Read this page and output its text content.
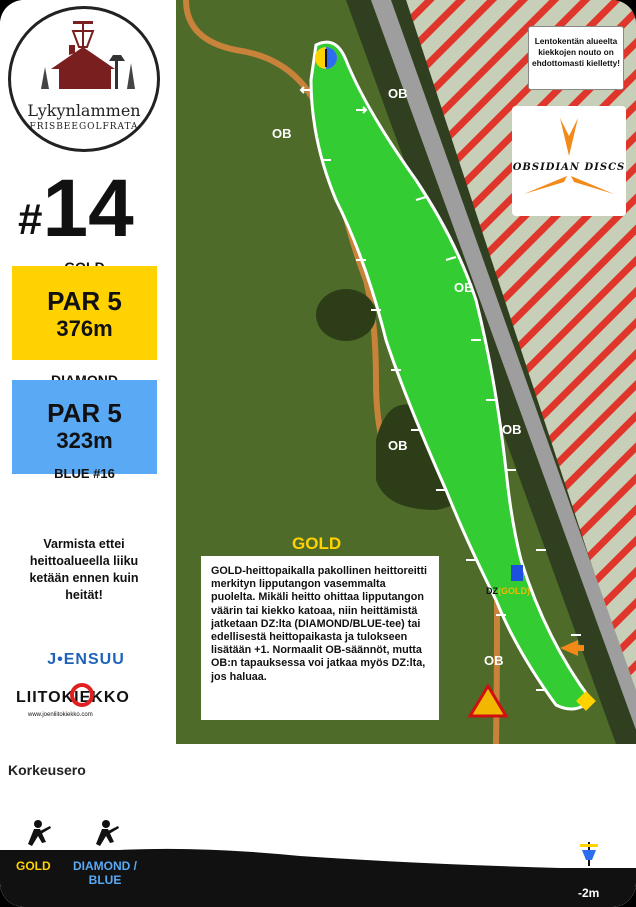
Lykynlammen
FRISBEEGOLFRATA
#14
PAR 5
376m
PAR 5
323m
BLUE #16
Varmista ettei heittoalueella liiku ketään ennen kuin heität!
J•ENSUU
LIITOKIEKKO
www.joenliitokiekko.com
Lentokentän alueelta kiekkojen nouto on ehdottomasti kielletty!
OBSIDIAN DISCS
OB
OB
OB
OB
OB
OB
DZ(GOLD)
GOLD
GOLD-heittopaikalla pakollinen heittoreitti merkityn lipputangon vasemmalta puolelta. Mikäli heitto ohittaa lipputangon väärin tai kiekko katoaa, niin heittämistä jatketaan DZ:lta (DIAMOND/BLUE-tee) tai edellisestä heittopaikasta ja tulokseen lisätään +1. Normaalit OB-säännöt, mutta OB:n tapauksessa voi jatkaa myös DZ:lta, jos haluaa.
Korkeusero
GOLD	DIAMOND / BLUE
-2m
